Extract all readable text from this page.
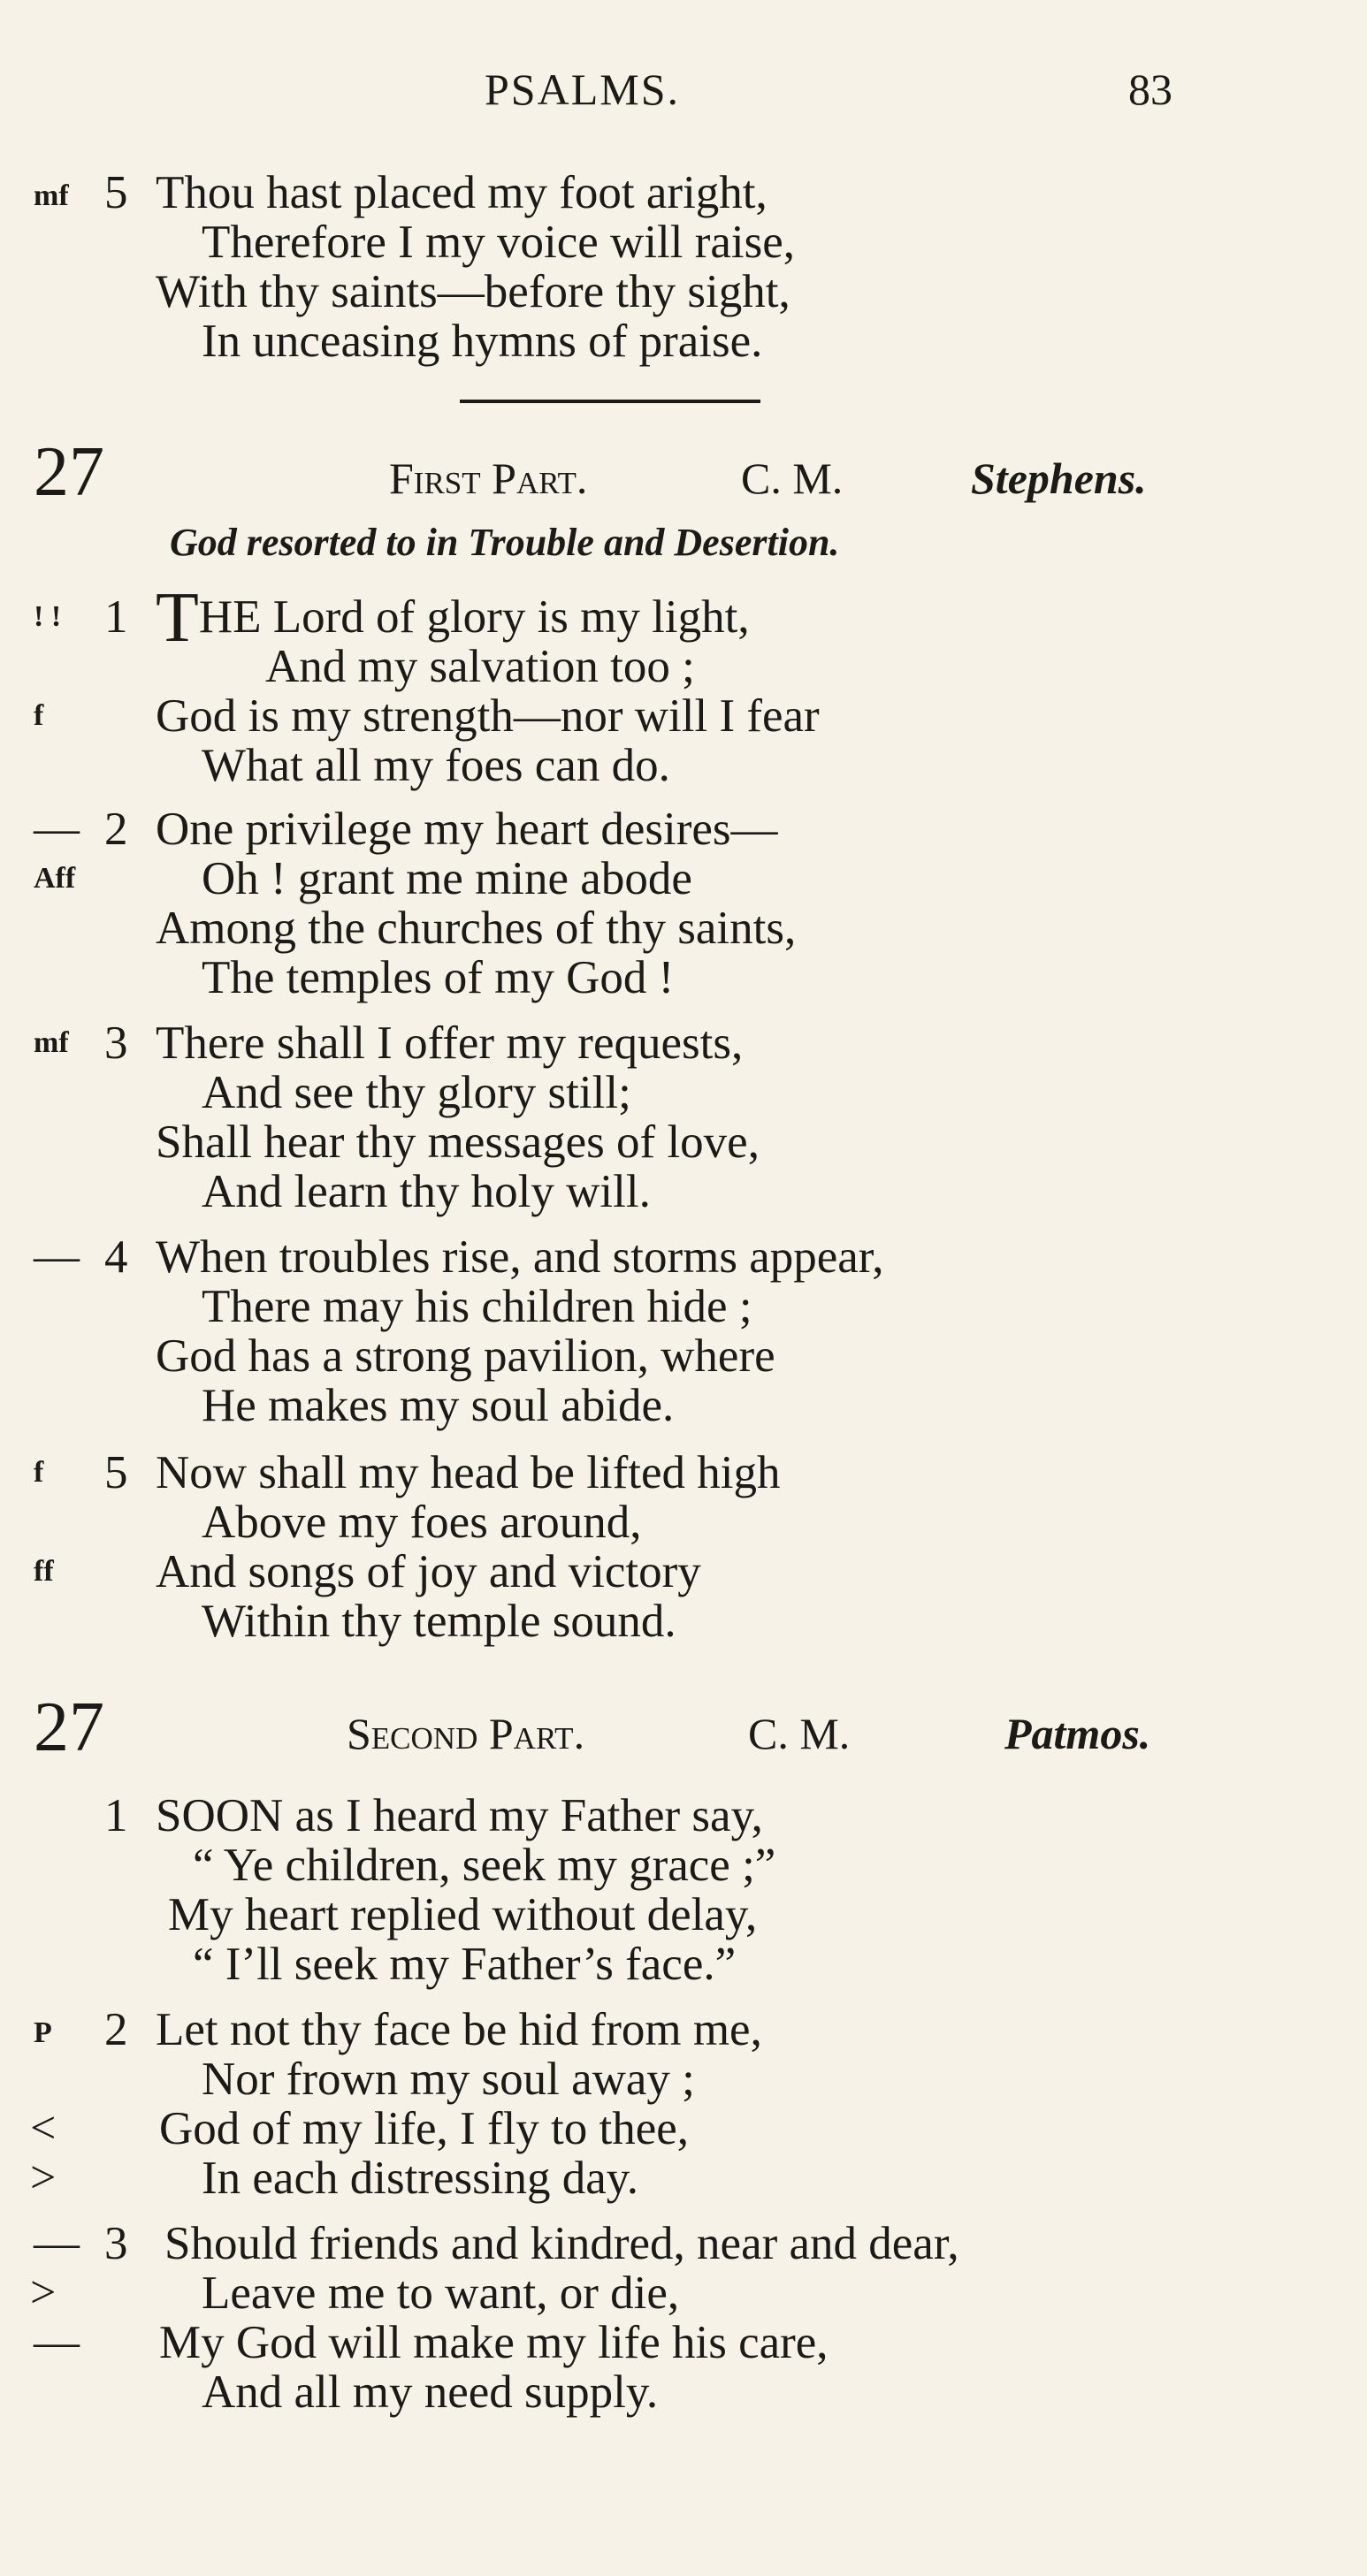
PSALMS.	83
mf 5 Thou hast placed my foot aright,
Therefore I my voice will raise,
With thy saints—before thy sight,
In unceasing hymns of praise.
27	First Part.	C. M.	Stephens.
God resorted to in Trouble and Desertion.
! !
f
1 THE Lord of glory is my light,
And my salvation too ;
God is my strength—nor will I fear
What all my foes can do.
—
Aff
2 One privilege my heart desires—
Oh ! grant me mine abode
Among the churches of thy saints,
The temples of my God !
mf 3 There shall I offer my requests,
And see thy glory still;
Shall hear thy messages of love,
And learn thy holy will.
— 4 When troubles rise, and storms appear,
There may his children hide ;
God has a strong pavilion, where
He makes my soul abide.
f
ff
5 Now shall my head be lifted high
Above my foes around,
And songs of joy and victory
Within thy temple sound.
27	Second Part.	C. M.	Patmos.
1 SOON as I heard my Father say,
“ Ye children, seek my grace ;”
My heart replied without delay,
“ I’ll seek my Father’s face.”
P
<
>
2 Let not thy face be hid from me,
Nor frown my soul away ;
God of my life, I fly to thee,
In each distressing day.
—
>
—
3 Should friends and kindred, near and dear,
Leave me to want, or die,
My God will make my life his care,
And all my need supply.
